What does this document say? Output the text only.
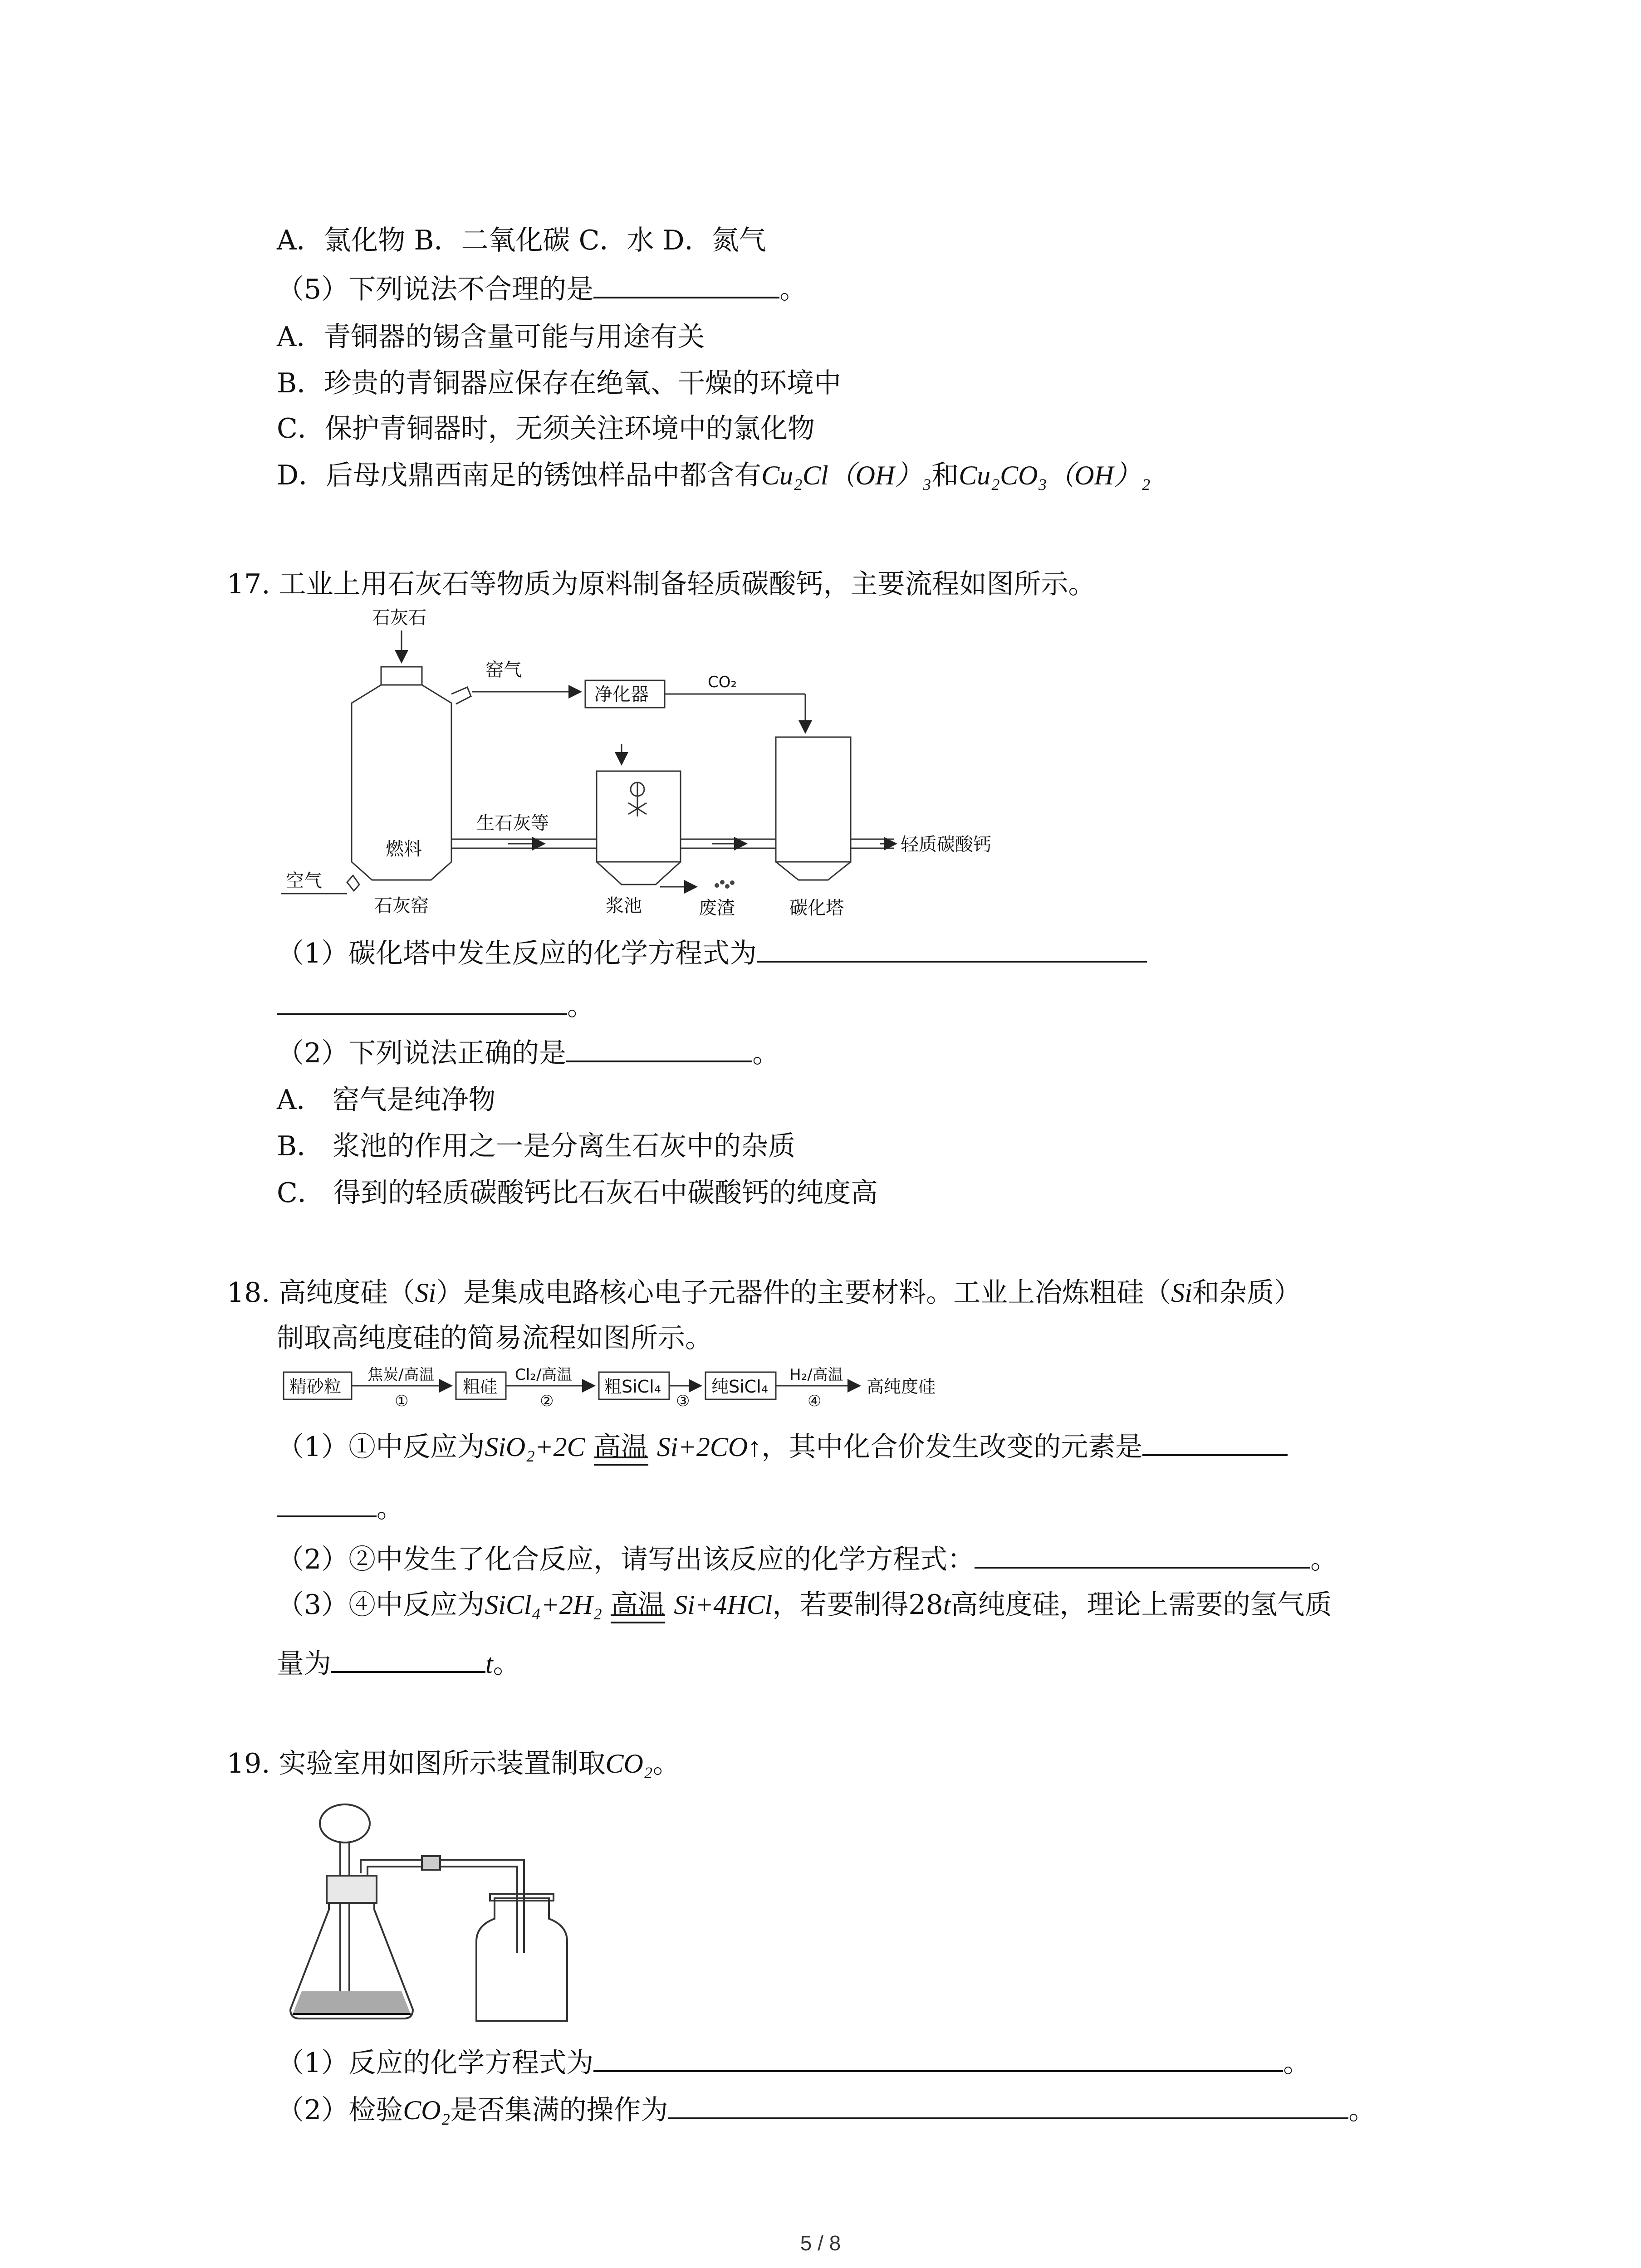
A．氯化物 B．二氧化碳 C．水 D．氮气
（5）下列说法不合理的是	。
A．青铜器的锡含量可能与用途有关
B．珍贵的青铜器应保存在绝氧、干燥的环境中
C．保护青铜器时，无须关注环境中的氯化物
D．后母戊鼎西南足的锈蚀样品中都含有Cu₂Cl（OH）₃和Cu₂CO₃（OH）₂
17. 工业上用石灰石等物质为原料制备轻质碳酸钙，主要流程如图所示。
石灰石
窑气
净化器
CO₂
生石灰等
燃料
空气
石灰窑	浆池	废渣	碳化塔
轻质碳酸钙
（1）碳化塔中发生反应的化学方程式为
。
（2）下列说法正确的是	。
A． 窑气是纯净物
B． 浆池的作用之一是分离生石灰中的杂质
C． 得到的轻质碳酸钙比石灰石中碳酸钙的纯度高
18. 高纯度硅（Si）是集成电路核心电子元器件的主要材料。工业上冶炼粗硅（Si和杂质）
制取高纯度硅的简易流程如图所示。
精砂粒
焦炭/高温
①
粗硅
Cl₂/高温
②
粗SiCl₄
③
纯SiCl₄
H₂/高温
④
高纯度硅
（1）①中反应为SiO₂+2C 高温 Si+2CO↑，其中化合价发生改变的元素是
。
（2）②中发生了化合反应，请写出该反应的化学方程式：	。
（3）④中反应为SiCl₄+2H₂ 高温 Si+4HCl，若要制得28t高纯度硅，理论上需要的氢气质
量为	t。
19. 实验室用如图所示装置制取CO₂。
（1）反应的化学方程式为	。
（2）检验CO₂是否集满的操作为	。
5 / 8
